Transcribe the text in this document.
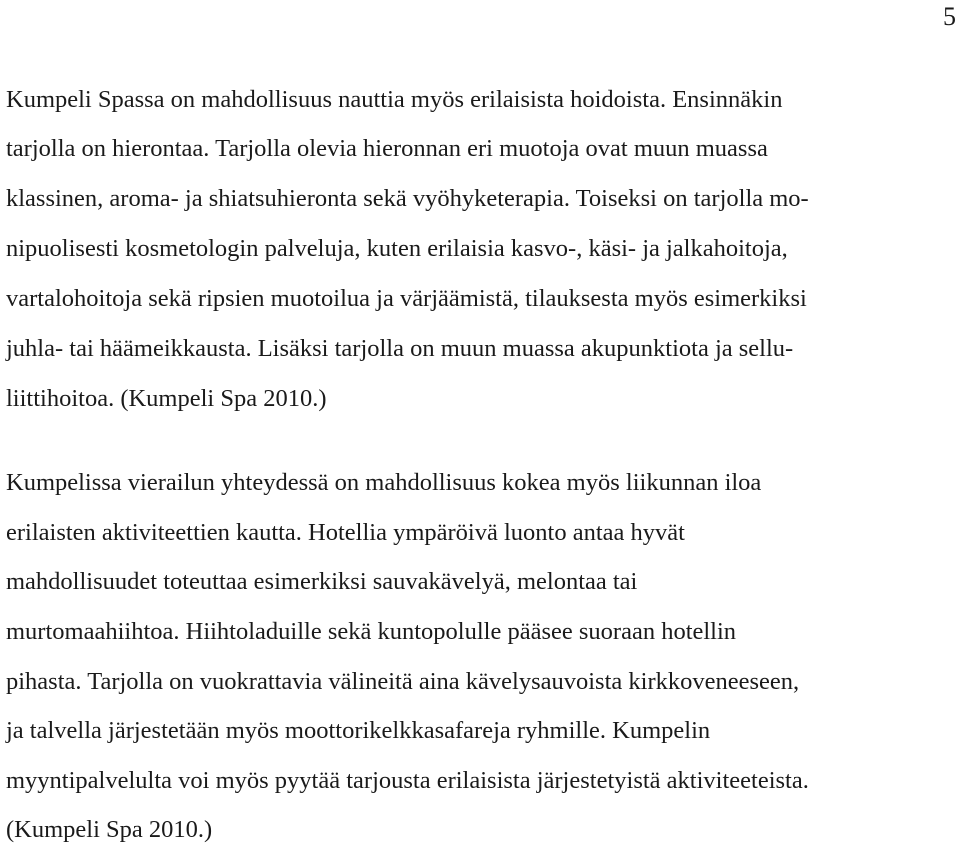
5
Kumpeli Spassa on mahdollisuus nauttia myös erilaisista hoidoista. Ensinnäkin
tarjolla on hierontaa. Tarjolla olevia hieronnan eri muotoja ovat muun muassa
klassinen, aroma- ja shiatsuhieronta sekä vyöhyketerapia. Toiseksi on tarjolla mo-
nipuolisesti kosmetologin palveluja, kuten erilaisia kasvo-, käsi- ja jalkahoitoja,
vartalohoitoja sekä ripsien muotoilua ja värjäämistä, tilauksesta myös esimerkiksi
juhla- tai häämeikkausta. Lisäksi tarjolla on muun muassa akupunktiota ja sellu-
liittihoitoa. (Kumpeli Spa 2010.)
Kumpelissa vierailun yhteydessä on mahdollisuus kokea myös liikunnan iloa
erilaisten aktiviteettien kautta. Hotellia ympäröivä luonto antaa hyvät
mahdollisuudet toteuttaa esimerkiksi sauvakävelyä, melontaa tai
murtomaahiihtoa. Hiihtoladuille sekä kuntopolulle pääsee suoraan hotellin
pihasta. Tarjolla on vuokrattavia välineitä aina kävelysauvoista kirkkoveneeseen,
ja talvella järjestetään myös moottorikelkkasafareja ryhmille. Kumpelin
myyntipalvelulta voi myös pyytää tarjousta erilaisista järjestetyistä aktiviteeteista.
(Kumpeli Spa 2010.)
